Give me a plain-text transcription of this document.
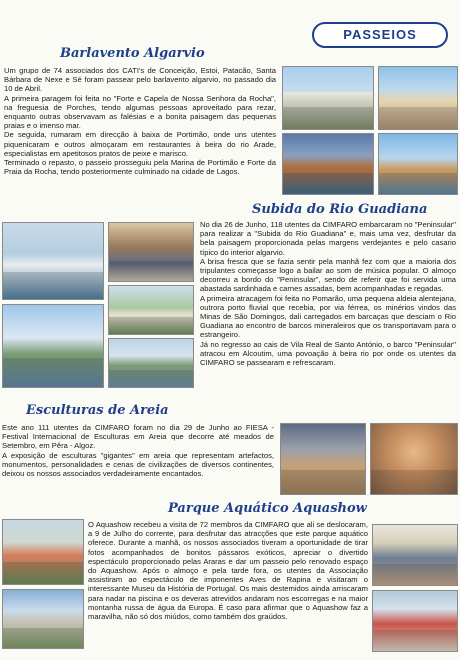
PASSEIOS
Barlavento Algarvio

Um grupo de 74 associados dos CATI's de Conceição, Estoi, Patacão, Santa Bárbara de Nexe e Sé foram passear pelo barlavento algarvio, no passado dia 10 de Abril.

A primeira paragem foi feita no "Forte e Capela de Nossa Senhora da Rocha", na freguesia de Porches, tendo algumas pessoas aproveitado para rezar, enquanto outras observavam as falésias e a bonita paisagem das pequenas praias e o imenso mar.

De seguida, rumaram em direcção à baixa de Portimão, onde uns utentes piquenicaram e outros almoçaram em restaurantes à beira do rio Arade, especialistas em apetitosos pratos de peixe e marisco.

Terminado o repasto, o passeio prosseguiu pela Marina de Portimão e Forte da Praia da Rocha, tendo posteriormente culminado na cidade de Lagos.

Subida do Rio Guadiana

No dia 26 de Junho, 118 utentes da CIMFARO embarcaram no "Peninsular" para realizar a "Subida do Rio Guadiana" e, mais uma vez, desfrutar da bela paisagem proporcionada pelas margens verdejantes e pelo casario típico do interior algarvio.

A brisa fresca que se fazia sentir pela manhã fez com que a maioria dos tripulantes começasse logo a bailar ao som de música popular. O almoço decorreu a bordo do "Peninsular", sendo de referir que foi servida uma abastada sardinhada e carnes assadas, bem acompanhadas e regadas.

A primeira atracagem foi feita no Pomarão, uma pequena aldeia alentejana, outrora porto fluvial que recebia, por via férrea, os minérios vindos das Minas de São Domingos, dali carregados em barcaças que desciam o Rio Guadiana ao encontro de barcos mineraleiros que os transportavam para o estrangeiro.

Já no regresso ao cais de Vila Real de Santo António, o barco "Peninsular" atracou em Alcoutim, uma povoação à beira rio por onde os utentes da CIMFARO se passearam e refrescaram.

Esculturas de Areia

Este ano 111 utentes da CIMFARO foram no dia 29 de Junho ao FIESA - Festival Internacional de Esculturas em Areia que decorre até meados de Setembro, em Pêra - Algoz.

A exposição de esculturas "gigantes" em areia que representam artefactos, monumentos, personalidades e cenas de civilizações de diversos continentes, deixou os nossos associados verdadeiramente encantados.

Parque Aquático Aquashow

O Aquashow recebeu a visita de 72 membros da CIMFARO que ali se deslocaram, a 9 de Julho do corrente, para desfrutar das atracções que este parque aquático oferece. Durante a manhã, os nossos associados tiveram a oportunidade de tirar fotos acompanhados de bonitos pássaros exóticos, apreciar o divertido espectáculo proporcionado pelas Araras e dar um passeio pelo renovado espaço do Aquashow. Após o almoço e pela tarde fora, os utentes da Associação assistiram ao espectáculo de imponentes Aves de Rapina e visitaram o interessante Museu da História de Portugal. Os mais destemidos ainda arriscaram para nadar na piscina e os deveras atrevidos andaram nos escorregas e na maior montanha russa de água da Europa. É caso para afirmar que o Aquashow faz a maravilha, não só dos miúdos, como também dos graúdos.
